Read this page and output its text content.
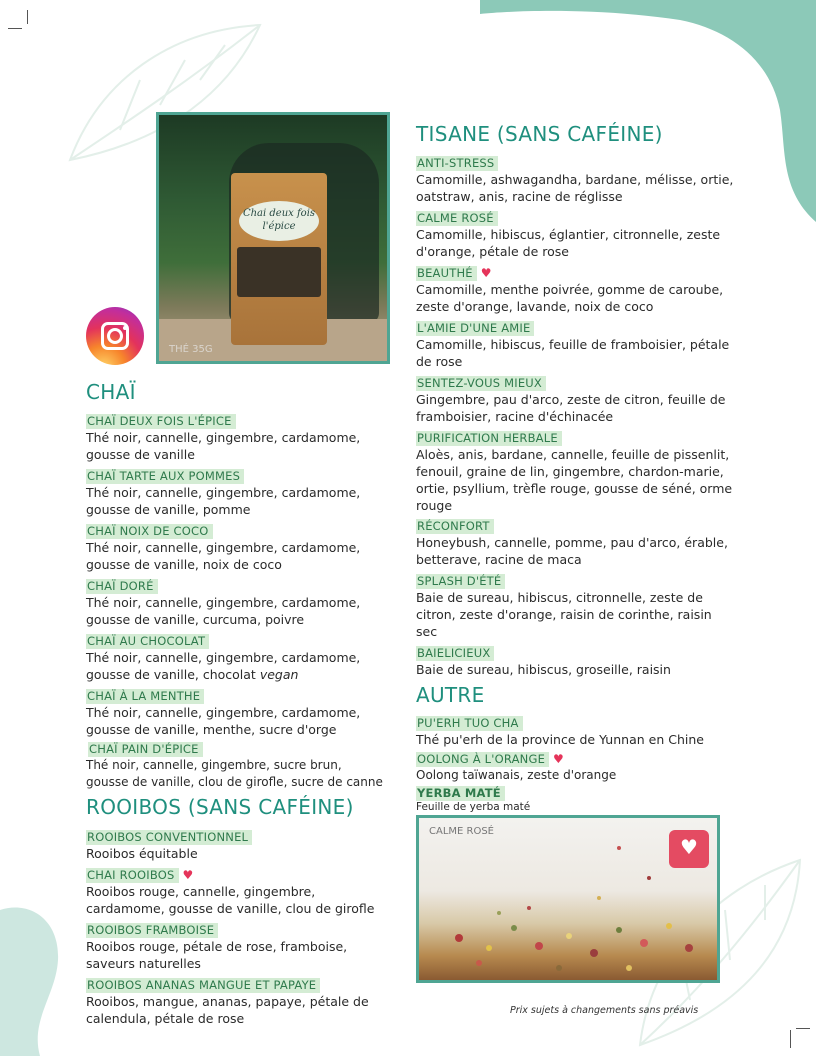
Chai deux fois l'épice
THÉ 35G
CHAÏ
CHAÏ DEUX FOIS L'ÉPICE
Thé noir, cannelle, gingembre, cardamome, gousse de vanille
CHAÏ TARTE AUX POMMES
Thé noir, cannelle, gingembre, cardamome, gousse de vanille, pomme
CHAÏ NOIX DE COCO
Thé noir, cannelle, gingembre, cardamome, gousse de vanille, noix de coco
CHAÏ DORÉ
Thé noir, cannelle, gingembre, cardamome, gousse de vanille, curcuma, poivre
CHAÏ AU CHOCOLAT
Thé noir, cannelle, gingembre, cardamome, gousse de vanille, chocolat vegan
CHAÏ À LA MENTHE
Thé noir, cannelle, gingembre, cardamome, gousse de vanille, menthe, sucre d'orge
CHAÏ PAIN D'ÉPICE
Thé noir, cannelle, gingembre, sucre brun, gousse de vanille, clou de girofle, sucre de canne
ROOIBOS (SANS CAFÉINE)
ROOIBOS CONVENTIONNEL
Rooibos équitable
CHAI ROOIBOS ♥
Rooibos rouge, cannelle, gingembre, cardamome, gousse de vanille, clou de girofle
ROOIBOS FRAMBOISE
Rooibos rouge, pétale de rose, framboise, saveurs naturelles
ROOIBOS ANANAS MANGUE ET PAPAYE
Rooibos, mangue, ananas, papaye, pétale de calendula, pétale de rose
TISANE (SANS CAFÉINE)
ANTI-STRESS
Camomille, ashwagandha, bardane, mélisse, ortie, oatstraw, anis, racine de réglisse
CALME ROSÉ
Camomille, hibiscus, églantier, citronnelle, zeste d'orange, pétale de rose
BEAUTHÉ ♥
Camomille, menthe poivrée, gomme de caroube, zeste d'orange, lavande, noix de coco
L'AMIE D'UNE AMIE
Camomille, hibiscus, feuille de framboisier, pétale de rose
SENTEZ-VOUS MIEUX
Gingembre, pau d'arco, zeste de citron, feuille de framboisier, racine d'échinacée
PURIFICATION HERBALE
Aloès, anis, bardane, cannelle, feuille de pissenlit, fenouil, graine de lin, gingembre, chardon-marie, ortie, psyllium, trèfle rouge, gousse de séné, orme rouge
RÉCONFORT
Honeybush, cannelle, pomme, pau d'arco, érable, betterave, racine de maca
SPLASH D'ÉTÉ
Baie de sureau, hibiscus, citronnelle, zeste de citron, zeste d'orange, raisin de corinthe, raisin sec
BAIELICIEUX
Baie de sureau, hibiscus, groseille, raisin
AUTRE
PU'ERH TUO CHA
Thé pu'erh de la province de Yunnan en Chine
OOLONG À L'ORANGE ♥
Oolong taïwanais, zeste d'orange
YERBA MATÉ
Feuille de yerba maté
CALME ROSÉ
♥
Prix sujets à changements sans préavis
